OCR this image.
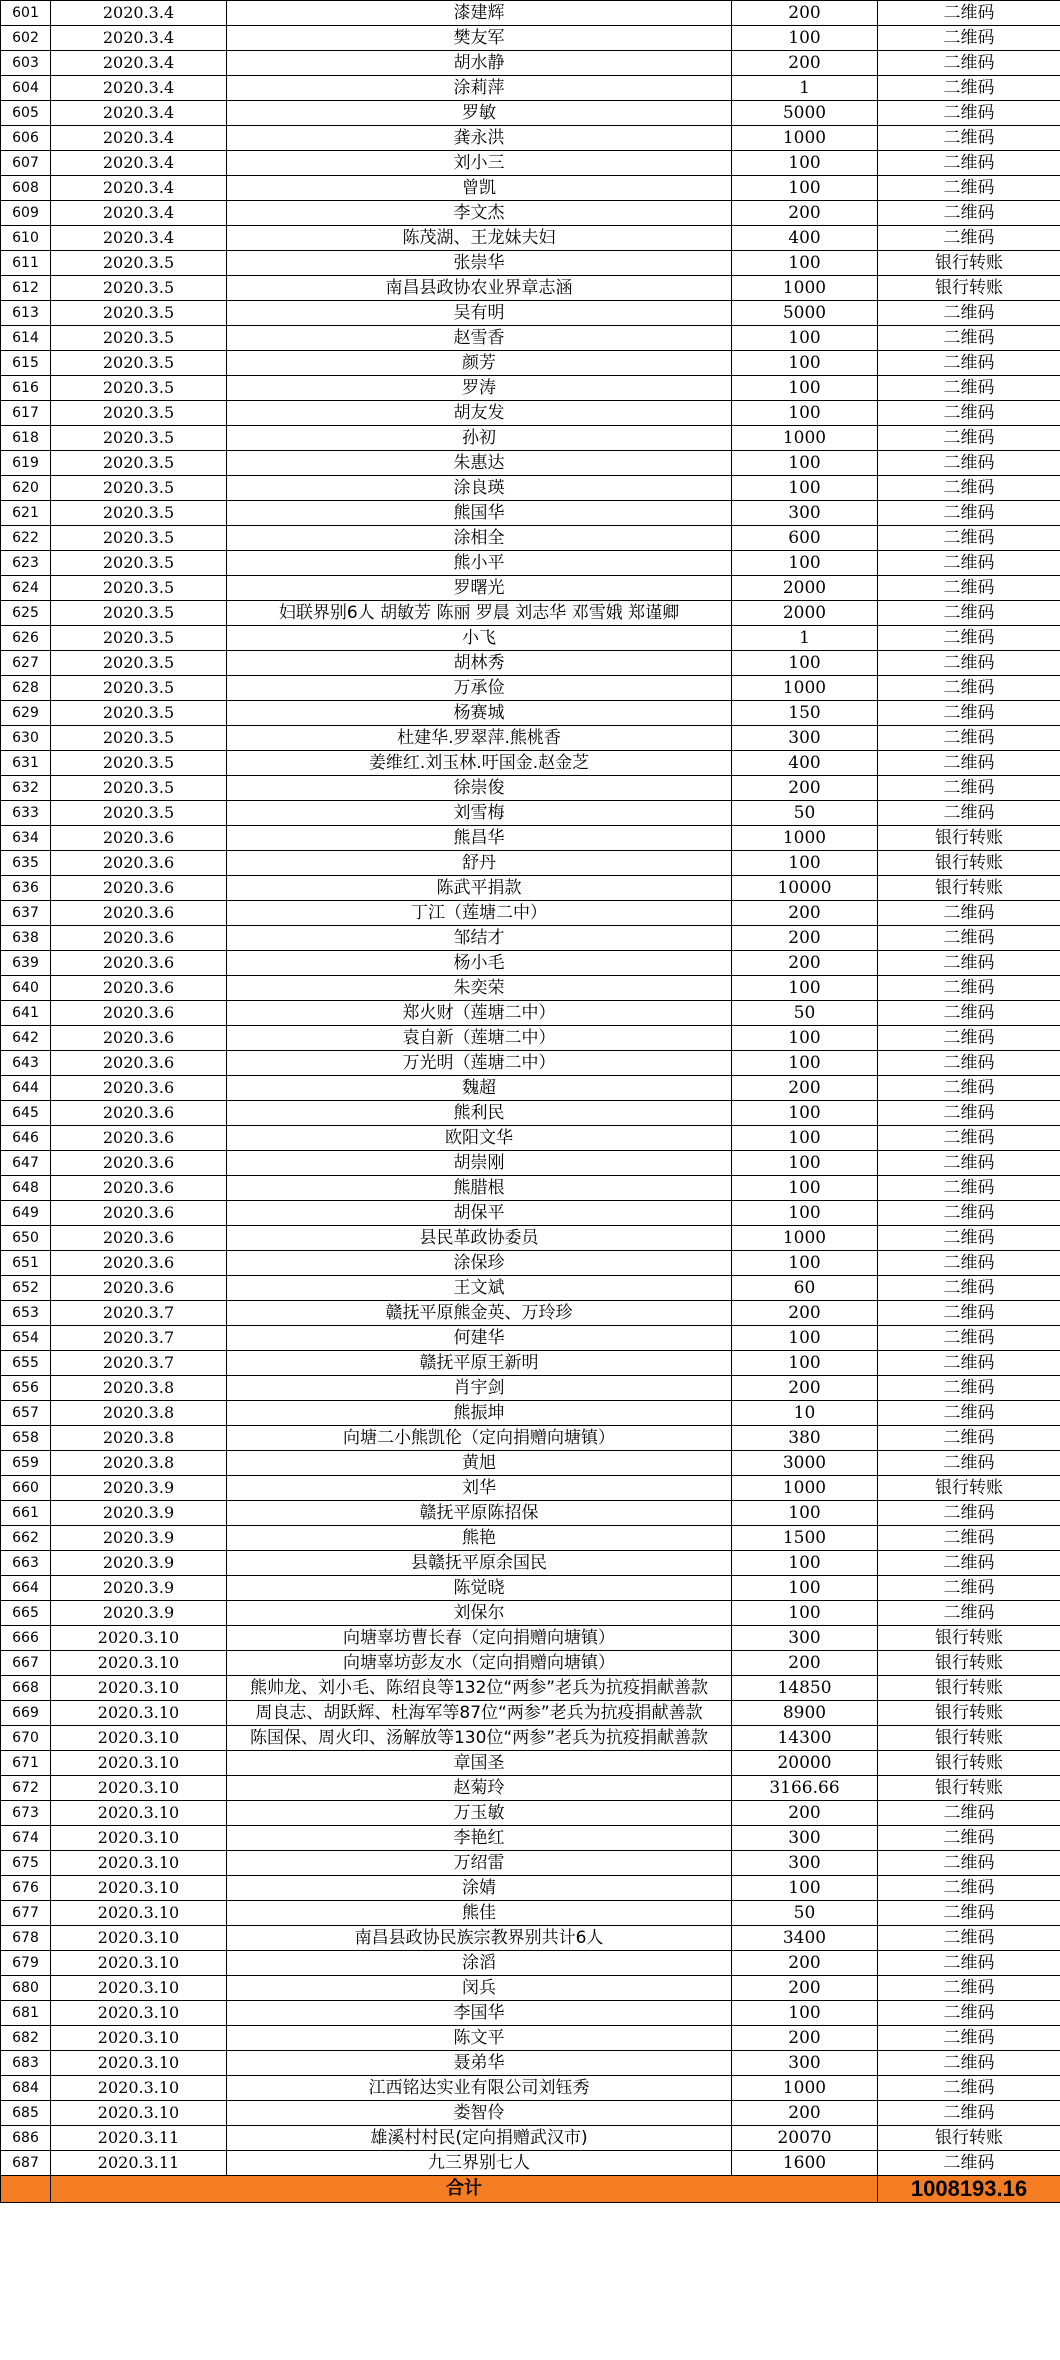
601	2020.3.4	漆建辉	200	二维码
602	2020.3.4	樊友军	100	二维码
603	2020.3.4	胡水静	200	二维码
604	2020.3.4	涂莉萍	1	二维码
605	2020.3.4	罗敏	5000	二维码
606	2020.3.4	龚永洪	1000	二维码
607	2020.3.4	刘小三	100	二维码
608	2020.3.4	曾凯	100	二维码
609	2020.3.4	李文杰	200	二维码
610	2020.3.4	陈茂湖、王龙妹夫妇	400	二维码
611	2020.3.5	张崇华	100	银行转账
612	2020.3.5	南昌县政协农业界章志涵	1000	银行转账
613	2020.3.5	吴有明	5000	二维码
614	2020.3.5	赵雪香	100	二维码
615	2020.3.5	颜芳	100	二维码
616	2020.3.5	罗涛	100	二维码
617	2020.3.5	胡友发	100	二维码
618	2020.3.5	孙初	1000	二维码
619	2020.3.5	朱惠达	100	二维码
620	2020.3.5	涂良瑛	100	二维码
621	2020.3.5	熊国华	300	二维码
622	2020.3.5	涂相全	600	二维码
623	2020.3.5	熊小平	100	二维码
624	2020.3.5	罗曙光	2000	二维码
625	2020.3.5	妇联界别6人 胡敏芳 陈丽 罗晨 刘志华 邓雪娥 郑谨卿	2000	二维码
626	2020.3.5	小飞	1	二维码
627	2020.3.5	胡林秀	100	二维码
628	2020.3.5	万承俭	1000	二维码
629	2020.3.5	杨赛城	150	二维码
630	2020.3.5	杜建华.罗翠萍.熊桃香	300	二维码
631	2020.3.5	姜维红.刘玉林.吁国金.赵金芝	400	二维码
632	2020.3.5	徐崇俊	200	二维码
633	2020.3.5	刘雪梅	50	二维码
634	2020.3.6	熊昌华	1000	银行转账
635	2020.3.6	舒丹	100	银行转账
636	2020.3.6	陈武平捐款	10000	银行转账
637	2020.3.6	丁江（莲塘二中）	200	二维码
638	2020.3.6	邹结才	200	二维码
639	2020.3.6	杨小毛	200	二维码
640	2020.3.6	朱奕荣	100	二维码
641	2020.3.6	郑火财（莲塘二中）	50	二维码
642	2020.3.6	袁自新（莲塘二中）	100	二维码
643	2020.3.6	万光明（莲塘二中）	100	二维码
644	2020.3.6	魏超	200	二维码
645	2020.3.6	熊利民	100	二维码
646	2020.3.6	欧阳文华	100	二维码
647	2020.3.6	胡崇刚	100	二维码
648	2020.3.6	熊腊根	100	二维码
649	2020.3.6	胡保平	100	二维码
650	2020.3.6	县民革政协委员	1000	二维码
651	2020.3.6	涂保珍	100	二维码
652	2020.3.6	王文斌	60	二维码
653	2020.3.7	赣抚平原熊金英、万玲珍	200	二维码
654	2020.3.7	何建华	100	二维码
655	2020.3.7	赣抚平原王新明	100	二维码
656	2020.3.8	肖宇剑	200	二维码
657	2020.3.8	熊振坤	10	二维码
658	2020.3.8	向塘二小熊凯伦（定向捐赠向塘镇）	380	二维码
659	2020.3.8	黄旭	3000	二维码
660	2020.3.9	刘华	1000	银行转账
661	2020.3.9	赣抚平原陈招保	100	二维码
662	2020.3.9	熊艳	1500	二维码
663	2020.3.9	县赣抚平原余国民	100	二维码
664	2020.3.9	陈觉晓	100	二维码
665	2020.3.9	刘保尔	100	二维码
666	2020.3.10	向塘辜坊曹长春（定向捐赠向塘镇）	300	银行转账
667	2020.3.10	向塘辜坊彭友水（定向捐赠向塘镇）	200	银行转账
668	2020.3.10	熊帅龙、刘小毛、陈绍良等132位“两参”老兵为抗疫捐献善款	14850	银行转账
669	2020.3.10	周良志、胡跃辉、杜海军等87位“两参”老兵为抗疫捐献善款	8900	银行转账
670	2020.3.10	陈国保、周火印、汤解放等130位“两参”老兵为抗疫捐献善款	14300	银行转账
671	2020.3.10	章国圣	20000	银行转账
672	2020.3.10	赵菊玲	3166.66	银行转账
673	2020.3.10	万玉敏	200	二维码
674	2020.3.10	李艳红	300	二维码
675	2020.3.10	万绍雷	300	二维码
676	2020.3.10	涂婧	100	二维码
677	2020.3.10	熊佳	50	二维码
678	2020.3.10	南昌县政协民族宗教界别共计6人	3400	二维码
679	2020.3.10	涂滔	200	二维码
680	2020.3.10	闵兵	200	二维码
681	2020.3.10	李国华	100	二维码
682	2020.3.10	陈文平	200	二维码
683	2020.3.10	聂弟华	300	二维码
684	2020.3.10	江西铭达实业有限公司刘钰秀	1000	二维码
685	2020.3.10	娄智伶	200	二维码
686	2020.3.11	雄溪村村民(定向捐赠武汉市)	20070	银行转账
687	2020.3.11	九三界别七人	1600	二维码
	合计			1008193.16
